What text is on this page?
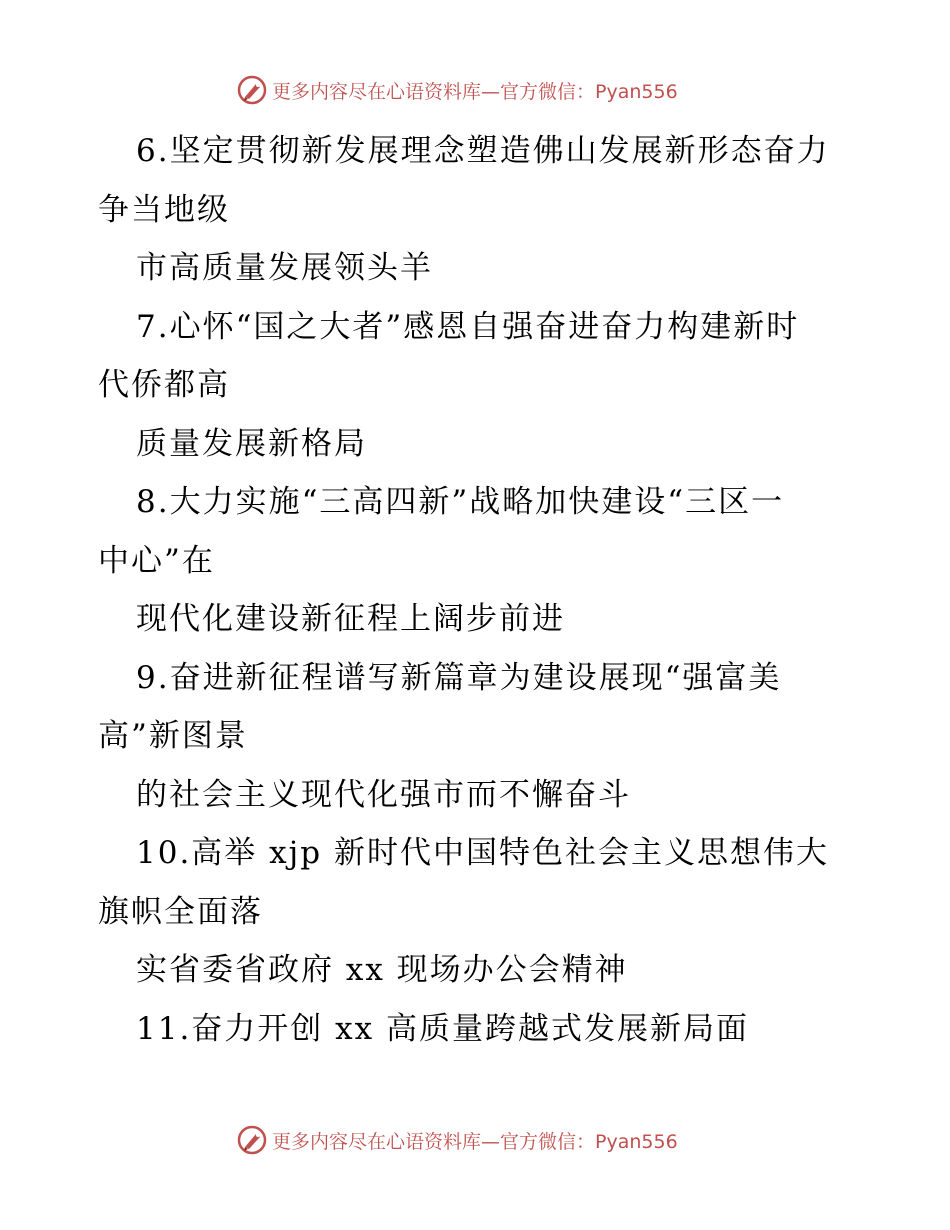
更多内容尽在心语资料库—官方微信：Pyan556
6.坚定贯彻新发展理念塑造佛山发展新形态奋力
争当地级
市高质量发展领头羊
7.心怀“国之大者”感恩自强奋进奋力构建新时
代侨都高
质量发展新格局
8.大力实施“三高四新”战略加快建设“三区一
中心”在
现代化建设新征程上阔步前进
9.奋进新征程谱写新篇章为建设展现“强富美
高”新图景
的社会主义现代化强市而不懈奋斗
10.高举 xjp 新时代中国特色社会主义思想伟大
旗帜全面落
实省委省政府 xx 现场办公会精神
11.奋力开创 xx 高质量跨越式发展新局面
更多内容尽在心语资料库—官方微信：Pyan556
